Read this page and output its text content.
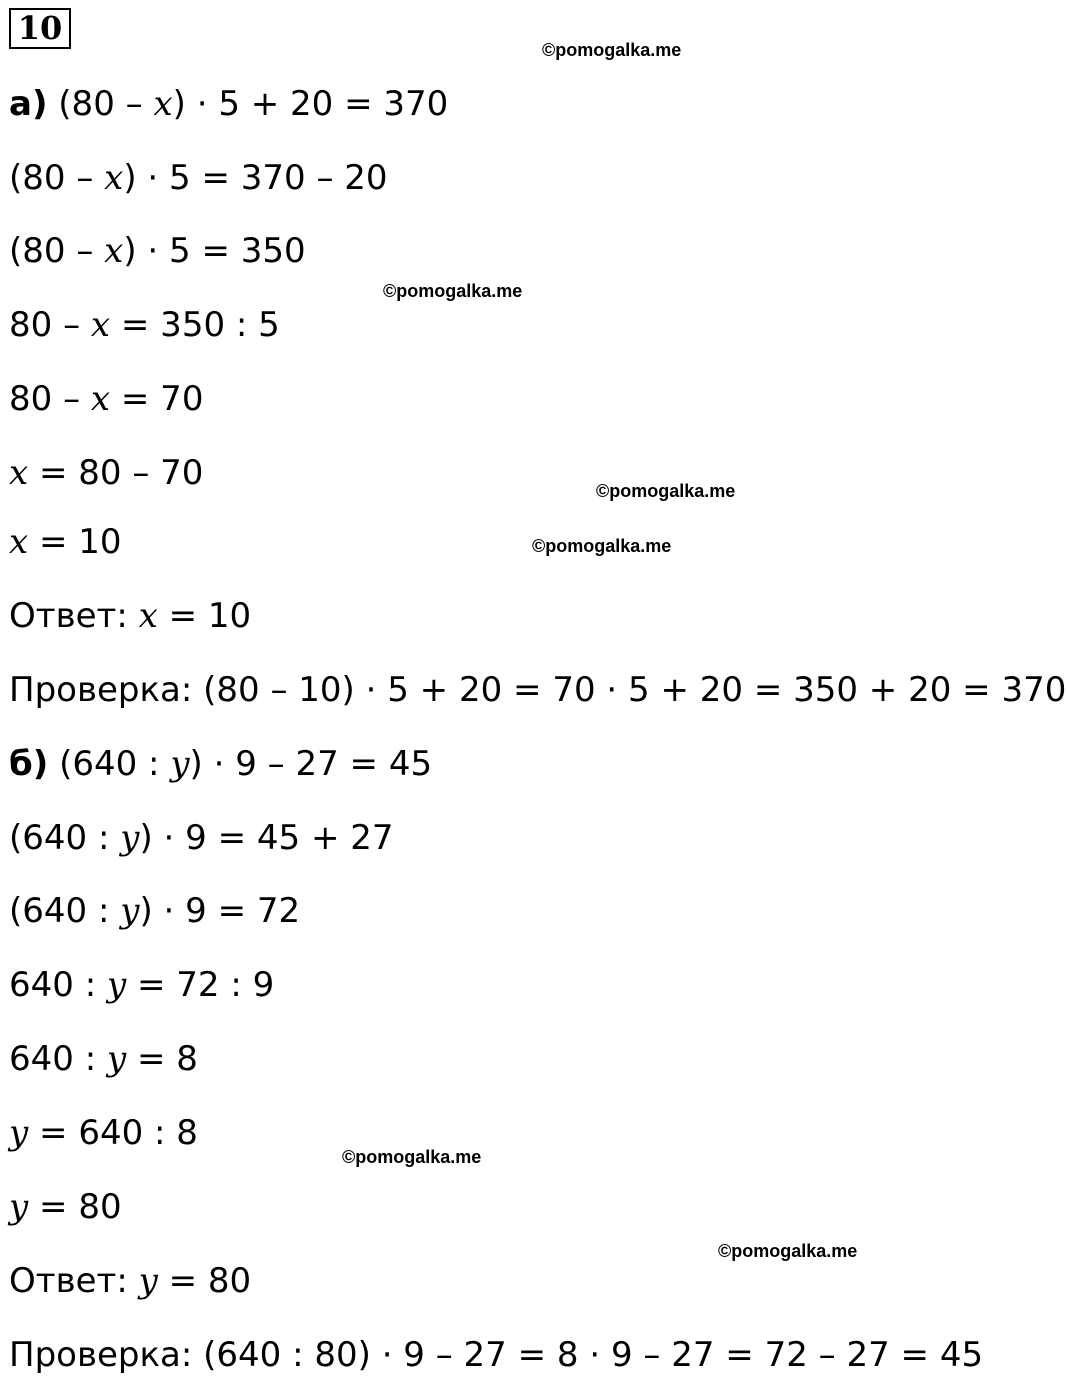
10
©pomogalka.me
а) (80 – x) · 5 + 20 = 370
(80 – x) · 5 = 370 – 20
(80 – x) · 5 = 350
©pomogalka.me
80 – x = 350 : 5
80 – x = 70
x = 80 – 70	©pomogalka.me
x = 10	©pomogalka.me
Ответ: x = 10
Проверка: (80 – 10) · 5 + 20 = 70 · 5 + 20 = 350 + 20 = 370
б) (640 : y) · 9 – 27 = 45
(640 : y) · 9 = 45 + 27
(640 : y) · 9 = 72
640 : y = 72 : 9
640 : y = 8
y = 640 : 8
©pomogalka.me
y = 80
©pomogalka.me
Ответ: y = 80
Проверка: (640 : 80) · 9 – 27 = 8 · 9 – 27 = 72 – 27 = 45
